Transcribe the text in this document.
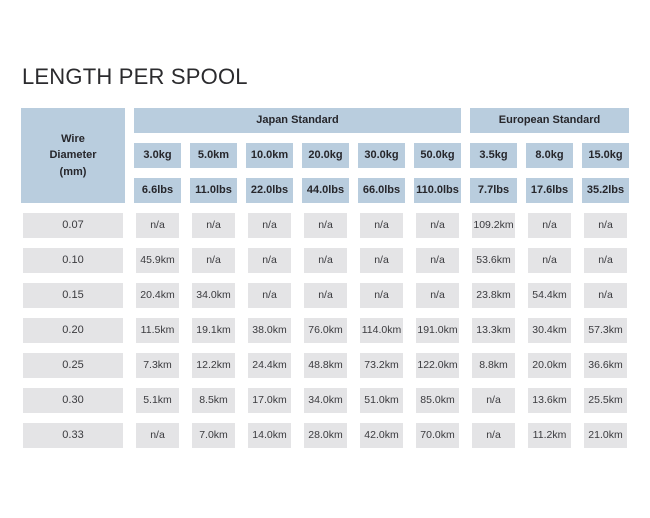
LENGTH PER SPOOL
Wire
Diameter
(mm)
Japan Standard	European Standard
3.0kg	5.0km	10.0km	20.0kg	30.0kg	50.0kg	3.5kg	8.0kg	15.0kg
6.6lbs	11.0lbs	22.0lbs	44.0lbs	66.0lbs	110.0lbs	7.7lbs	17.6lbs	35.2lbs
0.07	n/a	n/a	n/a	n/a	n/a	n/a	109.2km	n/a	n/a
0.10	45.9km	n/a	n/a	n/a	n/a	n/a	53.6km	n/a	n/a
0.15	20.4km	34.0km	n/a	n/a	n/a	n/a	23.8km	54.4km	n/a
0.20	11.5km	19.1km	38.0km	76.0km	114.0km 191.0km	13.3km	30.4km	57.3km
0.25	7.3km	12.2km	24.4km	48.8km	73.2km	122.0km	8.8km	20.0km	36.6km
0.30	5.1km	8.5km	17.0km	34.0km	51.0km	85.0km	n/a	13.6km	25.5km
0.33	n/a	7.0km	14.0km	28.0km	42.0km	70.0km	n/a	11.2km	21.0km
